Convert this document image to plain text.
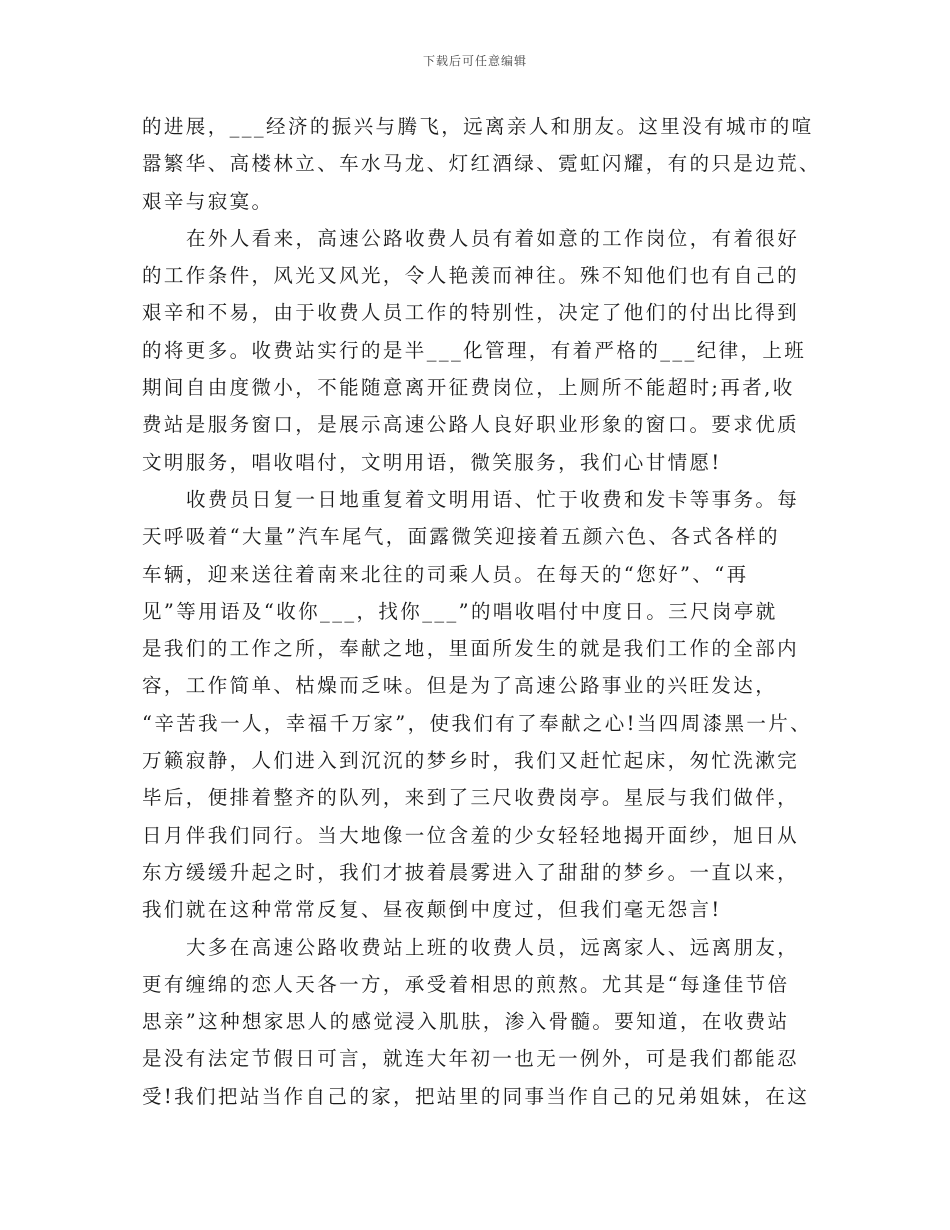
下载后可任意编辑
的进展，___经济的振兴与腾飞，远离亲人和朋友。这里没有城市的喧
嚣繁华、高楼林立、车水马龙、灯红酒绿、霓虹闪耀，有的只是边荒、
艰辛与寂寞。
在外人看来，高速公路收费人员有着如意的工作岗位，有着很好
的工作条件，风光又风光，令人艳羡而神往。殊不知他们也有自己的
艰辛和不易，由于收费人员工作的特别性，决定了他们的付出比得到
的将更多。收费站实行的是半___化管理，有着严格的___纪律，上班
期间自由度微小，不能随意离开征费岗位，上厕所不能超时;再者,收
费站是服务窗口，是展示高速公路人良好职业形象的窗口。要求优质
文明服务，唱收唱付，文明用语，微笑服务，我们心甘情愿!
收费员日复一日地重复着文明用语、忙于收费和发卡等事务。每
天呼吸着“大量”汽车尾气，面露微笑迎接着五颜六色、各式各样的
车辆，迎来送往着南来北往的司乘人员。在每天的“您好”、“再
见”等用语及“收你___，找你___”的唱收唱付中度日。三尺岗亭就
是我们的工作之所，奉献之地，里面所发生的就是我们工作的全部内
容，工作简单、枯燥而乏味。但是为了高速公路事业的兴旺发达，
“辛苦我一人，幸福千万家”，使我们有了奉献之心!当四周漆黑一片、
万籁寂静，人们进入到沉沉的梦乡时，我们又赶忙起床，匆忙洗漱完
毕后，便排着整齐的队列，来到了三尺收费岗亭。星辰与我们做伴，
日月伴我们同行。当大地像一位含羞的少女轻轻地揭开面纱，旭日从
东方缓缓升起之时，我们才披着晨雾进入了甜甜的梦乡。一直以来，
我们就在这种常常反复、昼夜颠倒中度过，但我们毫无怨言!
大多在高速公路收费站上班的收费人员，远离家人、远离朋友，
更有缠绵的恋人天各一方，承受着相思的煎熬。尤其是“每逢佳节倍
思亲”这种想家思人的感觉浸入肌肤，渗入骨髓。要知道，在收费站
是没有法定节假日可言，就连大年初一也无一例外，可是我们都能忍
受!我们把站当作自己的家，把站里的同事当作自己的兄弟姐妹，在这
